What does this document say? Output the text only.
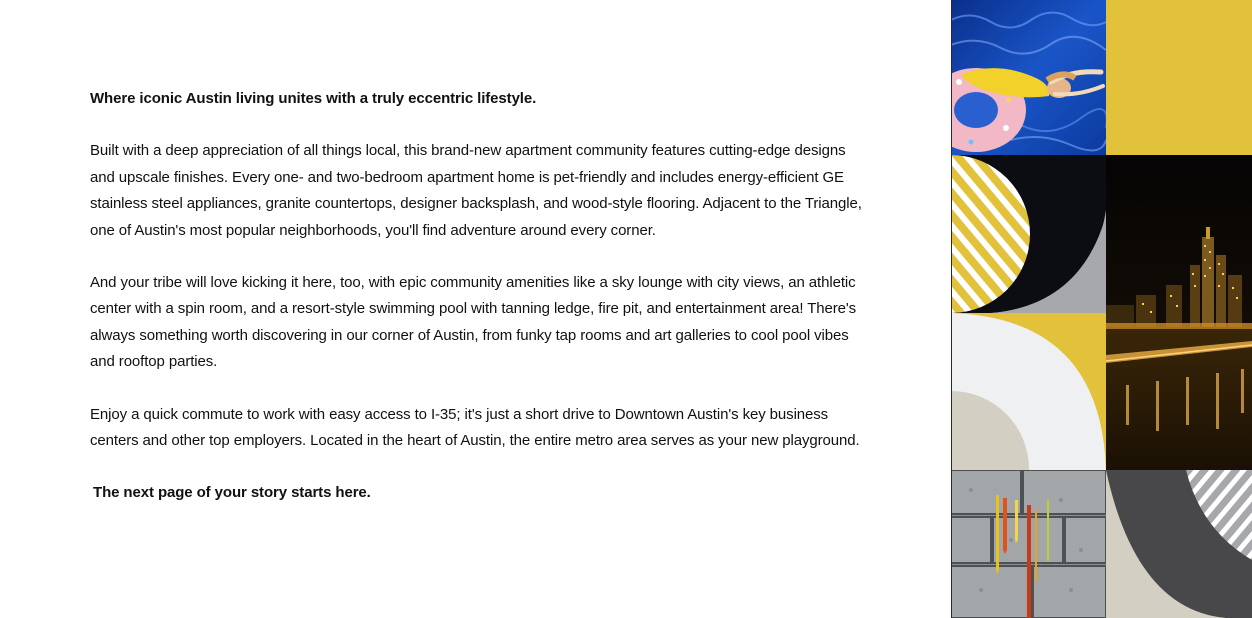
Where iconic Austin living unites with a truly eccentric lifestyle.

Built with a deep appreciation of all things local, this brand-new apartment community features cutting-edge designs and upscale finishes. Every one- and two-bedroom apartment home is pet-friendly and includes energy-efficient GE stainless steel appliances, granite countertops, designer backsplash, and wood-style flooring. Adjacent to the Triangle, one of Austin's most popular neighborhoods, you'll find adventure around every corner.

And your tribe will love kicking it here, too, with epic community amenities like a sky lounge with city views, an athletic center with a spin room, and a resort-style swimming pool with tanning ledge, fire pit, and entertainment area! There's always something worth discovering in our corner of Austin, from funky tap rooms and art galleries to cool pool vibes and rooftop parties.

Enjoy a quick commute to work with easy access to I-35; it's just a short drive to Downtown Austin's key business centers and other top employers. Located in the heart of Austin, the entire metro area serves as your new playground.

The next page of your story starts here.
